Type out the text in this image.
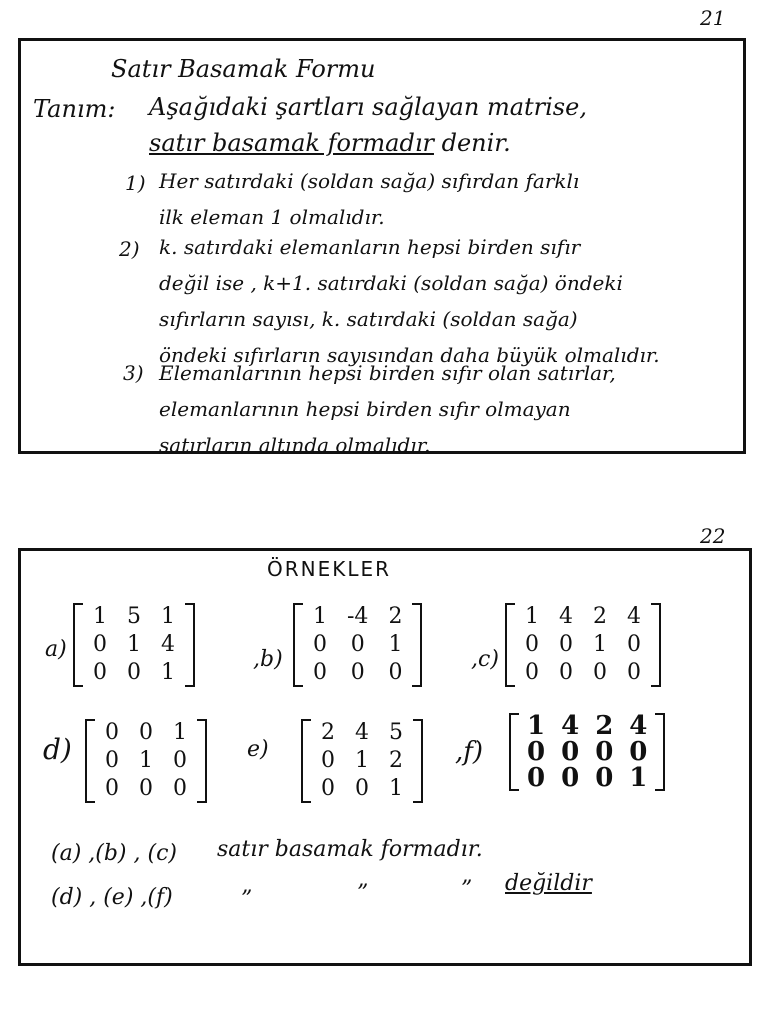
21
Satır Basamak Formu
Tanım: Aşağıdaki şartları sağlayan matrise,
satır basamak formadır denir.
1) Her satırdaki (soldan sağa) sıfırdan farklı
ilk eleman 1 olmalıdır.
2) k. satırdaki elemanların hepsi birden sıfır
değil ise , k+1. satırdaki (soldan sağa) öndeki
sıfırların sayısı, k. satırdaki (soldan sağa)
öndeki sıfırların sayısından daha büyük olmalıdır.
3) Elemanlarının hepsi birden sıfır olan satırlar,
elemanlarının hepsi birden sıfır olmayan
satırların altında olmalıdır.
22
ÖRNEKLER
a)
1	5	1
0	1	4
0	0	1
,b)
1	-4	2
0	0	1
0	0	0
,c)
1	4	2	4
0	0	1	0
0	0	0	0
d)
0	0	1
0	1	0
0	0	0
e)
2	4	5
0	1	2
0	0	1
,f)
1	4	2	4
0	0	0	0
0	0	0	1
(a) ,(b) , (c) satır basamak formadır.
(d) , (e) ,(f)	”	”	” değildir
